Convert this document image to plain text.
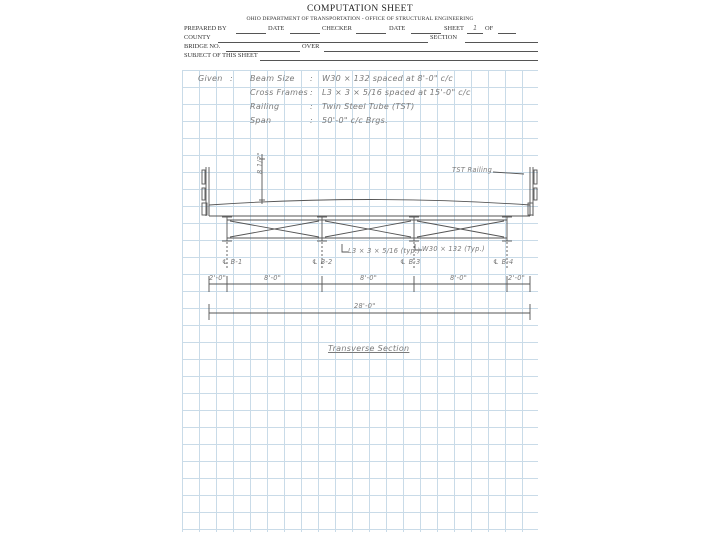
COMPUTATION SHEET
OHIO DEPARTMENT OF TRANSPORTATION - OFFICE OF STRUCTURAL ENGINEERING
PREPARED BY	DATE	CHECKER	DATE	SHEET 1 OF
COUNTY	SECTION
BRIDGE NO.	OVER
SUBJECT OF THIS SHEET
Given : Beam Size : W30 × 132 spaced at 8'-0" c/c
Cross Frames : L3 × 3 × 5/16 spaced at 15'-0" c/c
Railing	: Twin Steel Tube (TST)
Span	: 50'-0" c/c Brgs.
8 1/2"	TST Railing
L3 × 3 × 5/16 (typ.) W30 × 132 (Typ.)
℄ B-1	℄ B-2	℄ B-3	℄ B-4
2'-0"	8'-0"	8'-0"	8'-0"	2'-0"
28'-0"
Transverse Section
